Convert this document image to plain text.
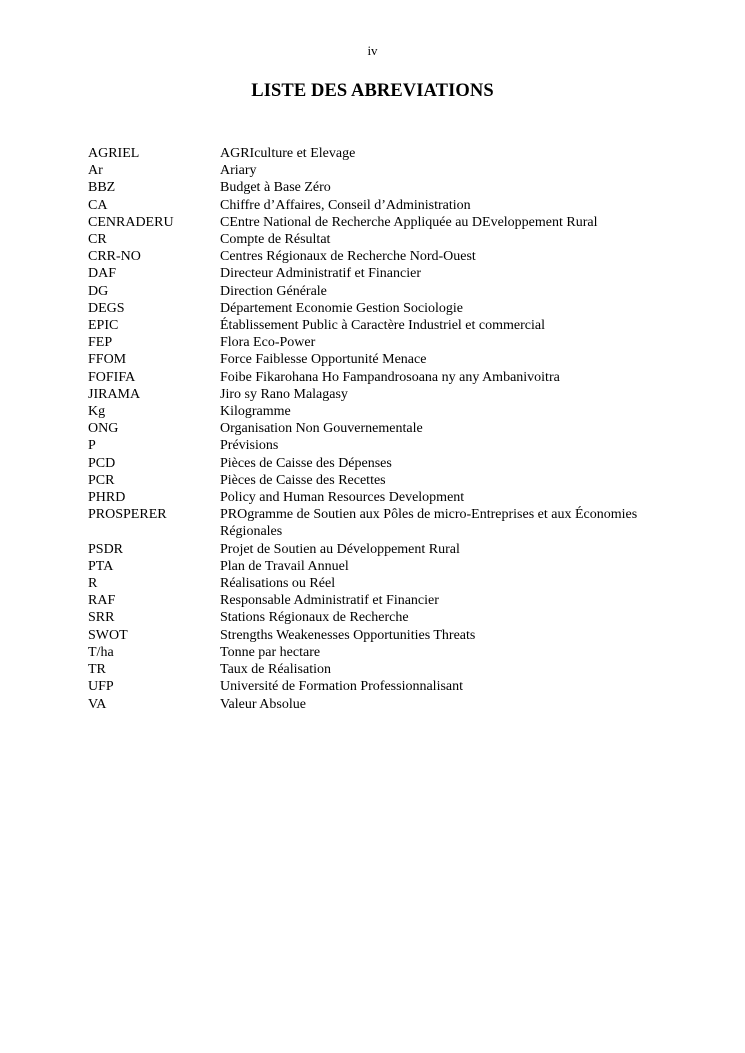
iv
LISTE DES ABREVIATIONS
AGRIEL	AGRIculture et Elevage
Ar	Ariary
BBZ	Budget à Base Zéro
CA	Chiffre d’Affaires, Conseil d’Administration
CENRADERU	CEntre National de Recherche Appliquée au DEveloppement Rural
CR	Compte de Résultat
CRR-NO	Centres Régionaux de Recherche Nord-Ouest
DAF	Directeur Administratif et Financier
DG	Direction Générale
DEGS	Département Economie Gestion Sociologie
EPIC	Établissement Public à Caractère Industriel et commercial
FEP	Flora Eco-Power
FFOM	Force Faiblesse Opportunité Menace
FOFIFA	Foibe Fikarohana Ho Fampandrosoana ny any Ambanivoitra
JIRAMA	Jiro sy Rano Malagasy
Kg	Kilogramme
ONG	Organisation Non Gouvernementale
P	Prévisions
PCD	Pièces de Caisse des Dépenses
PCR	Pièces de Caisse des Recettes
PHRD	Policy and Human Resources Development
PROSPERER	PROgramme de Soutien aux Pôles de micro-Entreprises et aux Économies Régionales
PSDR	Projet de Soutien au Développement Rural
PTA	Plan de Travail Annuel
R	Réalisations ou Réel
RAF	Responsable Administratif et Financier
SRR	Stations Régionaux de Recherche
SWOT	Strengths Weakenesses Opportunities Threats
T/ha	Tonne par hectare
TR	Taux de Réalisation
UFP	Université de Formation Professionnalisant
VA	Valeur Absolue
